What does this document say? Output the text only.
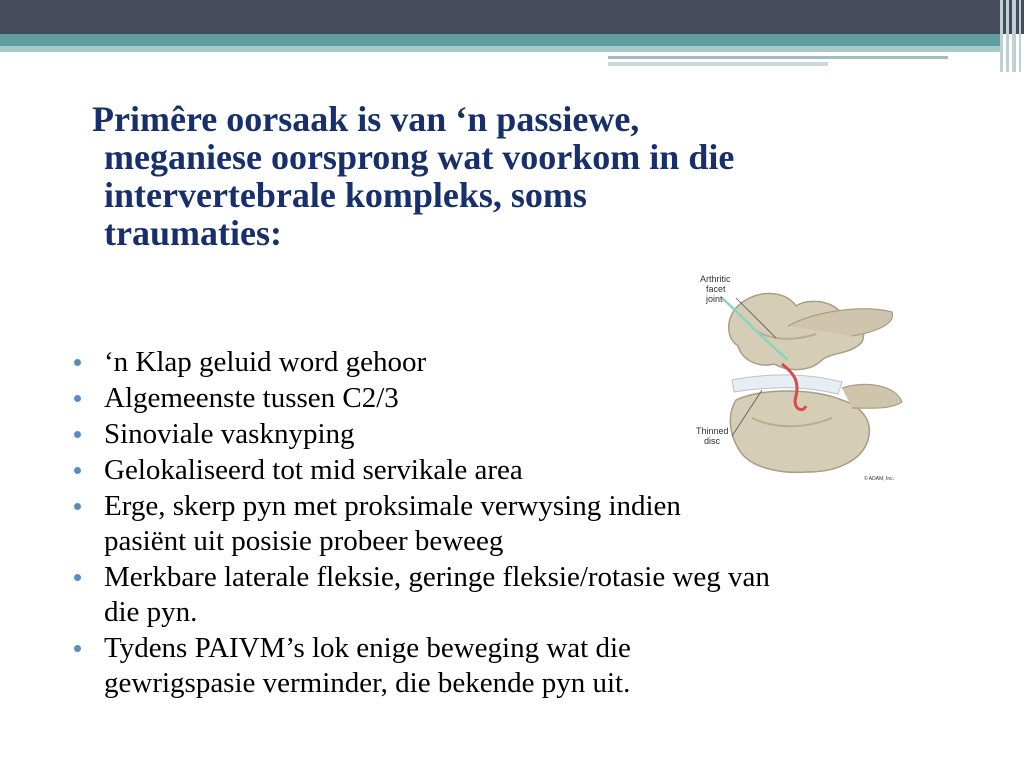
Primêre oorsaak is van ‘n passiewe,
meganiese oorsprong wat voorkom in die
intervertebrale kompleks, soms
traumaties:
Arthritic
facet
joint
Thinned
disc
© ADAM, Inc.
‘n Klap geluid word gehoor
Algemeenste tussen C2/3
Sinoviale vasknyping
Gelokaliseerd tot mid servikale area
Erge, skerp pyn met proksimale verwysing indien
pasiënt uit posisie probeer beweeg
Merkbare laterale fleksie, geringe fleksie/rotasie weg van
die pyn.
Tydens PAIVM’s lok enige beweging wat die
gewrigspasie verminder, die bekende pyn uit.
